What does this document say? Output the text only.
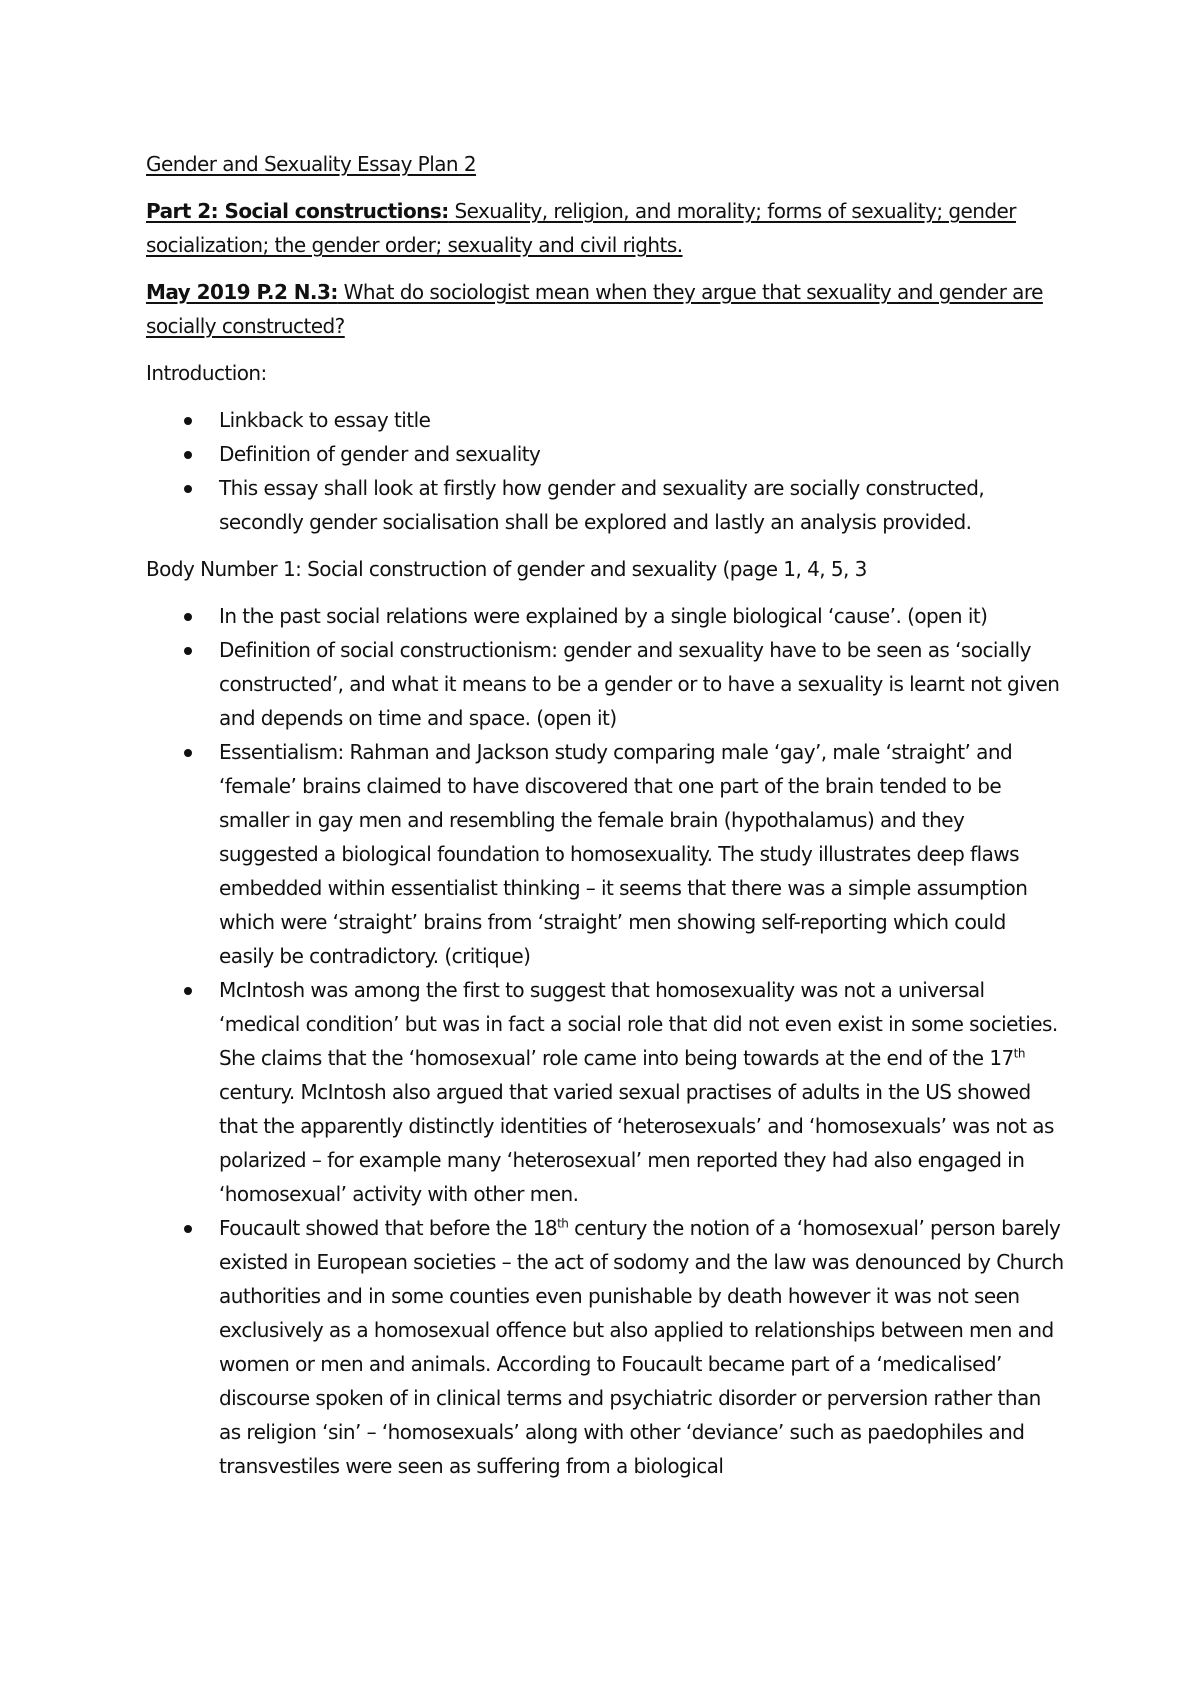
Gender and Sexuality Essay Plan 2

Part 2: Social constructions: Sexuality, religion, and morality; forms of sexuality; gender socialization; the gender order; sexuality and civil rights.

May 2019 P.2 N.3: What do sociologist mean when they argue that sexuality and gender are socially constructed?

Introduction:

Linkback to essay title
Definition of gender and sexuality
This essay shall look at firstly how gender and sexuality are socially constructed, secondly gender socialisation shall be explored and lastly an analysis provided.

Body Number 1: Social construction of gender and sexuality (page 1, 4, 5, 3

In the past social relations were explained by a single biological ‘cause’. (open it)
Definition of social constructionism: gender and sexuality have to be seen as ‘socially constructed’, and what it means to be a gender or to have a sexuality is learnt not given and depends on time and space. (open it)
Essentialism: Rahman and Jackson study comparing male ‘gay’, male ‘straight’ and ‘female’ brains claimed to have discovered that one part of the brain tended to be smaller in gay men and resembling the female brain (hypothalamus) and they suggested a biological foundation to homosexuality. The study illustrates deep flaws embedded within essentialist thinking – it seems that there was a simple assumption which were ‘straight’ brains from ‘straight’ men showing self-reporting which could easily be contradictory. (critique)
McIntosh was among the first to suggest that homosexuality was not a universal ‘medical condition’ but was in fact a social role that did not even exist in some societies. She claims that the ‘homosexual’ role came into being towards at the end of the 17th century. McIntosh also argued that varied sexual practises of adults in the US showed that the apparently distinctly identities of ‘heterosexuals’ and ‘homosexuals’ was not as polarized – for example many ‘heterosexual’ men reported they had also engaged in ‘homosexual’ activity with other men.
Foucault showed that before the 18th century the notion of a ‘homosexual’ person barely existed in European societies – the act of sodomy and the law was denounced by Church authorities and in some counties even punishable by death however it was not seen exclusively as a homosexual offence but also applied to relationships between men and women or men and animals. According to Foucault became part of a ‘medicalised’ discourse spoken of in clinical terms and psychiatric disorder or perversion rather than as religion ‘sin’ – ‘homosexuals’ along with other ‘deviance’ such as paedophiles and transvestiles were seen as suffering from a biological
